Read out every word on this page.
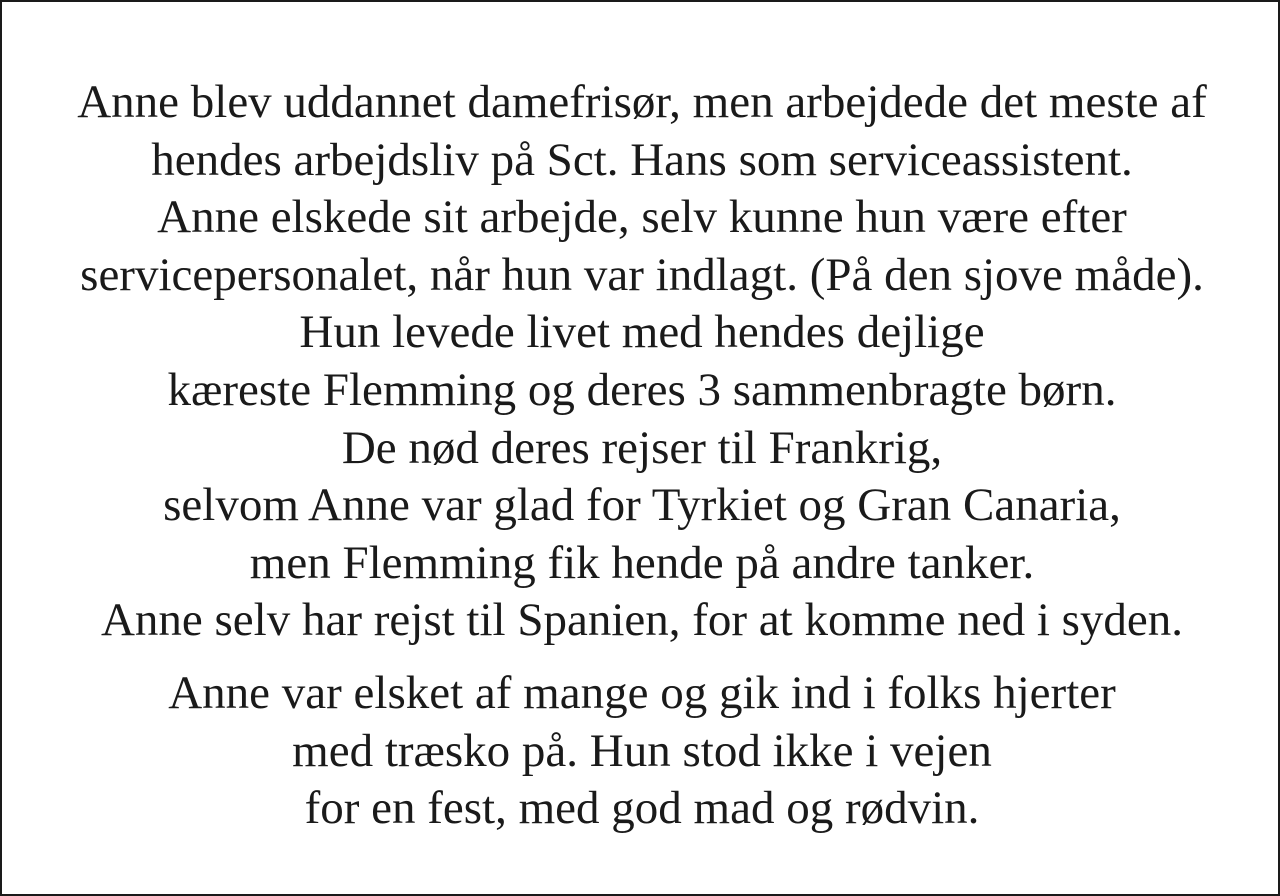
Anne blev uddannet damefrisør, men arbejdede det meste af
hendes arbejdsliv på Sct. Hans som serviceassistent.
Anne elskede sit arbejde, selv kunne hun være efter
servicepersonalet, når hun var indlagt. (På den sjove måde).
Hun levede livet med hendes dejlige
kæreste Flemming og deres 3 sammenbragte børn.
De nød deres rejser til Frankrig,
selvom Anne var glad for Tyrkiet og Gran Canaria,
men Flemming fik hende på andre tanker.
Anne selv har rejst til Spanien, for at komme ned i syden.
Anne var elsket af mange og gik ind i folks hjerter
med træsko på. Hun stod ikke i vejen
for en fest, med god mad og rødvin.
